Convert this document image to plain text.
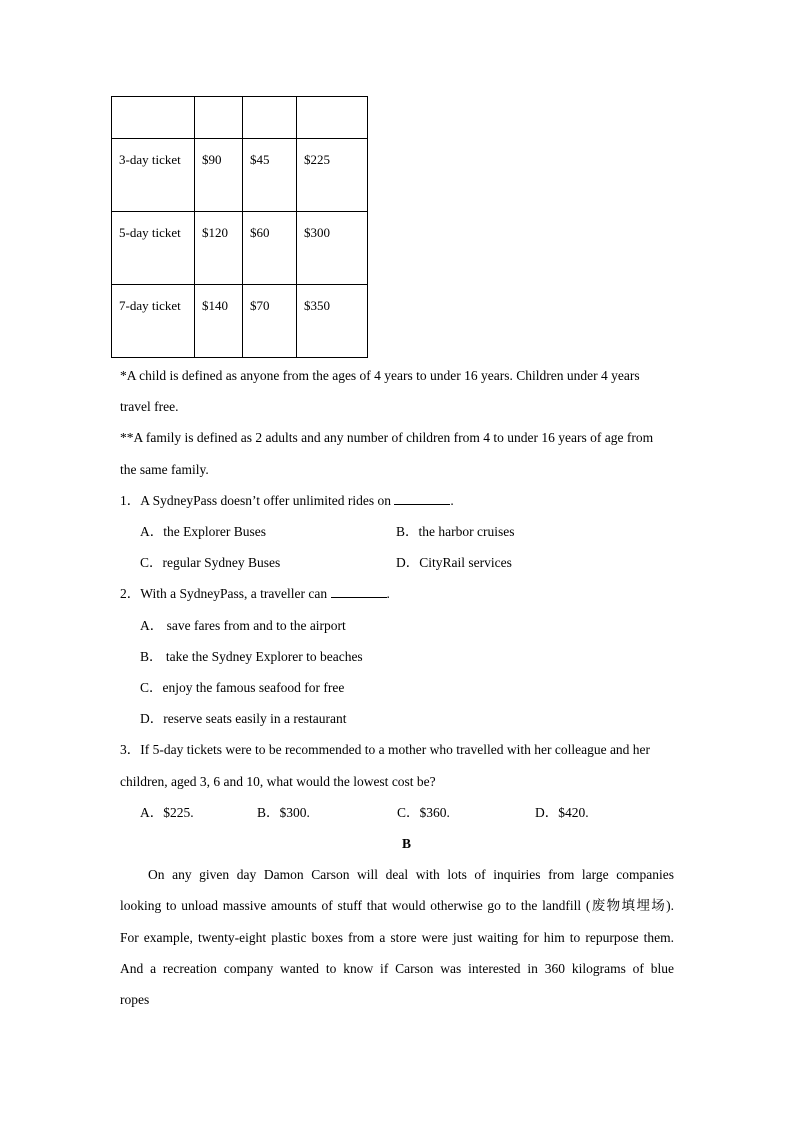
3-day ticket	$90	$45	$225
5-day ticket	$120	$60	$300
7-day ticket	$140	$70	$350
*A child is defined as anyone from the ages of 4 years to under 16 years. Children under 4 years
travel free.
**A family is defined as 2 adults and any number of children from 4 to under 16 years of age from
the same family.
1．A SydneyPass doesn’t offer unlimited rides on	.
A．the Explorer Buses	B．the harbor cruises
C．regular Sydney Buses	D．CityRail services
2．With a SydneyPass, a traveller can	.
A． save fares from and to the airport
B． take the Sydney Explorer to beaches
C．enjoy the famous seafood for free
D．reserve seats easily in a restaurant
3．If 5-day tickets were to be recommended to a mother who travelled with her colleague and her
children, aged 3, 6 and 10, what would the lowest cost be?
A．$225.	B．$300.	C．$360.	D．$420.
B
On any given day Damon Carson will deal with lots of inquiries from large companies
looking to unload massive amounts of stuff that would otherwise go to the landfill (废物填埋场).
For example, twenty-eight plastic boxes from a store were just waiting for him to repurpose them.
And a recreation company wanted to know if Carson was interested in 360 kilograms of blue
ropes
